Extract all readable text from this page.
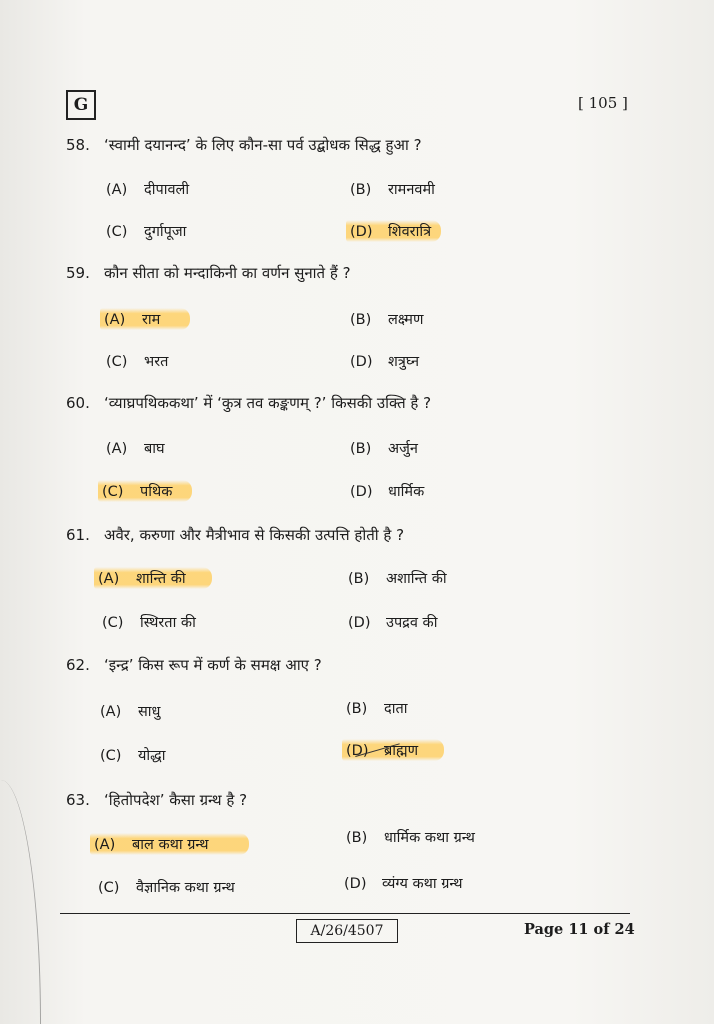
G	[ 105 ]
58. ‘स्वामी दयानन्द’ के लिए कौन-सा पर्व उद्बोधक सिद्ध हुआ ?
(A) दीपावली	(B) रामनवमी
(C) दुर्गापूजा	(D) शिवरात्रि
59. कौन सीता को मन्दाकिनी का वर्णन सुनाते हैं ?
(A) राम	(B) लक्ष्मण
(C) भरत	(D) शत्रुघ्न
60. ‘व्याघ्रपथिककथा’ में ‘कुत्र तव कङ्कणम् ?’ किसकी उक्ति है ?
(A) बाघ	(B) अर्जुन
(C) पथिक	(D) धार्मिक
61. अवैर, करुणा और मैत्रीभाव से किसकी उत्पत्ति होती है ?
(A) शान्ति की	(B) अशान्ति की
(C) स्थिरता की	(D) उपद्रव की
62. ‘इन्द्र’ किस रूप में कर्ण के समक्ष आए ?
(A) साधु	(B) दाता
(C) योद्धा	(D) ब्राह्मण
63. ‘हितोपदेश’ कैसा ग्रन्थ है ?
(A) बाल कथा ग्रन्थ	(B) धार्मिक कथा ग्रन्थ
(C) वैज्ञानिक कथा ग्रन्थ	(D) व्यंग्य कथा ग्रन्थ
A/26/4507	Page 11 of 24
